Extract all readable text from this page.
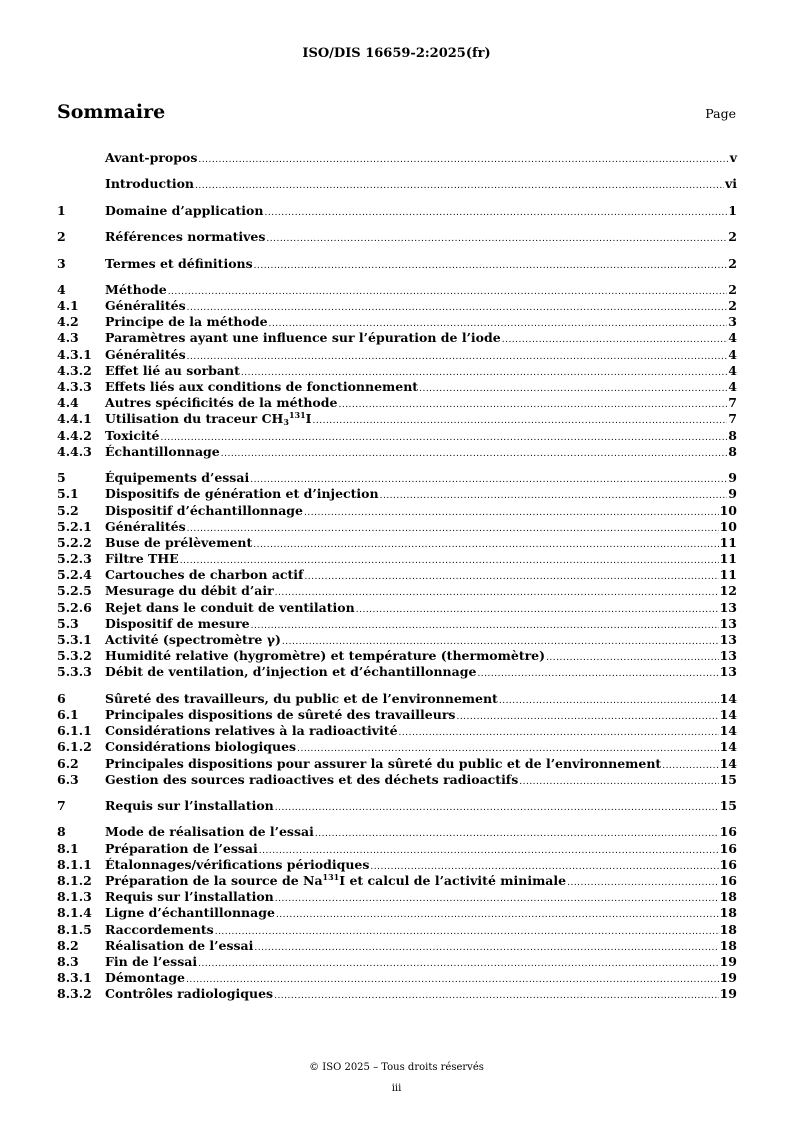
ISO/DIS 16659-2:2025(fr)
Sommaire	Page
Avant-propos .....	v
Introduction .....	vi
1	Domaine d’application .....	1
2	Références normatives .....	2
3	Termes et définitions .....	2
4	Méthode .....	2
4.1	Généralités .....	2
4.2	Principe de la méthode .....	3
4.3	Paramètres ayant une influence sur l’épuration de l’iode .....	4
4.3.1	Généralités .....	4
4.3.2	Effet lié au sorbant .....	4
4.3.3	Effets liés aux conditions de fonctionnement .....	4
4.4	Autres spécificités de la méthode .....	7
4.4.1	Utilisation du traceur $CH_3^{131}I$ .....	7
4.4.2	Toxicité .....	8
4.4.3	Échantillonnage .....	8
5	Équipements d’essai .....	9
5.1	Dispositifs de génération et d’injection .....	9
5.2	Dispositif d’échantillonnage .....	10
5.2.1	Généralités .....	10
5.2.2	Buse de prélèvement .....	11
5.2.3	Filtre THE .....	11
5.2.4	Cartouches de charbon actif .....	11
5.2.5	Mesurage du débit d’air .....	12
5.2.6	Rejet dans le conduit de ventilation .....	13
5.3	Dispositif de mesure .....	13
5.3.1	Activité (spectromètre γ) .....	13
5.3.2	Humidité relative (hygromètre) et température (thermomètre) .....	13
5.3.3	Débit de ventilation, d’injection et d’échantillonnage .....	13
6	Sûreté des travailleurs, du public et de l’environnement .....	14
6.1	Principales dispositions de sûreté des travailleurs .....	14
6.1.1	Considérations relatives à la radioactivité .....	14
6.1.2	Considérations biologiques .....	14
6.2	Principales dispositions pour assurer la sûreté du public et de l’environnement .....	14
6.3	Gestion des sources radioactives et des déchets radioactifs .....	15
7	Requis sur l’installation .....	15
8	Mode de réalisation de l’essai .....	16
8.1	Préparation de l’essai .....	16
8.1.1	Étalonnages/vérifications périodiques .....	16
8.1.2	Préparation de la source de Na$^{131}$I et calcul de l’activité minimale .....	16
8.1.3	Requis sur l’installation .....	18
8.1.4	Ligne d’échantillonnage .....	18
8.1.5	Raccordements .....	18
8.2	Réalisation de l’essai .....	18
8.3	Fin de l’essai .....	19
8.3.1	Démontage .....	19
8.3.2	Contrôles radiologiques .....	19
© ISO 2025 – Tous droits réservés
iii
